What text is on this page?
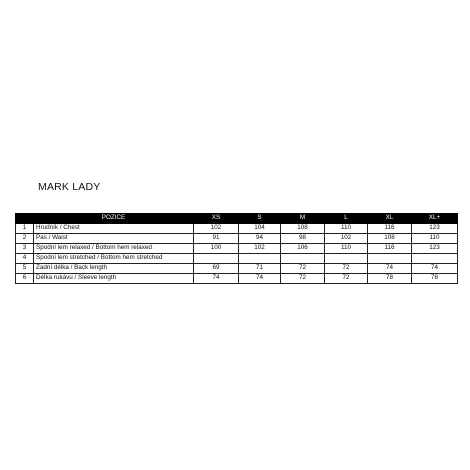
MARK LADY
	POZICE	XS	S	M	L	XL	XL+
1	Hrudník / Chest	102	104	108	110	116	123
2	Pas / Waist	91	94	98	102	108	110
3	Spodní lem relaxed / Bottom hem relaxed	100	102	106	110	116	123
4	Spodní lem stretched / Bottom hem stretched						
5	Zadní délka / Back length	69	71	72	72	74	74
6	Délka rukávu / Sleeve length	74	74	72	72	78	78
